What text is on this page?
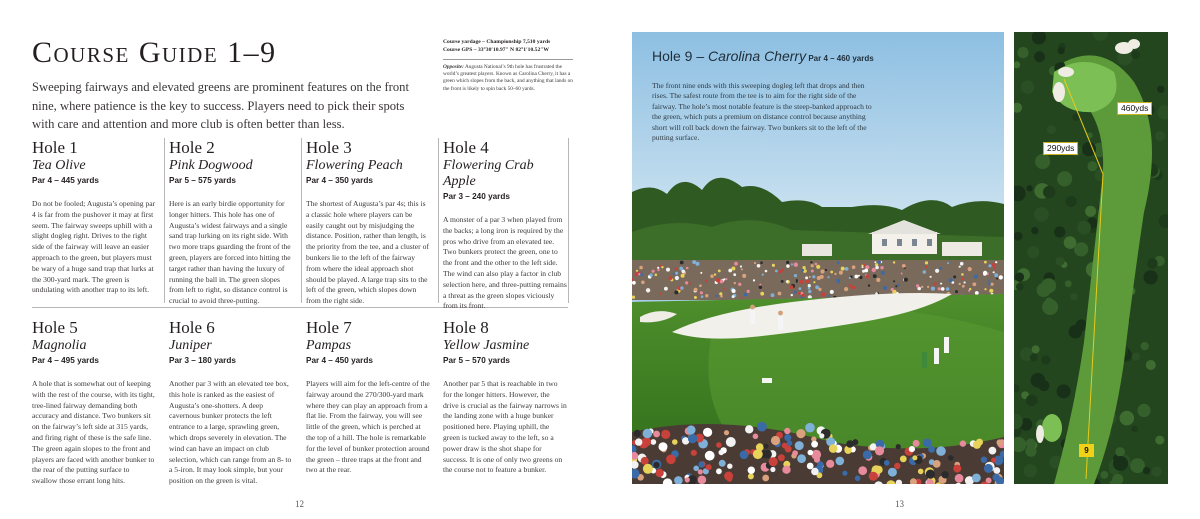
Course Guide 1–9

Sweeping fairways and elevated greens are prominent features on the front nine, where patience is the key to success. Players need to pick their spots with care and attention and more club is often better than less.

Course yardage – Championship 7,510 yards
Course GPS – 33°30′10.97″ N 82°1′10.52″W
Opposite: Augusta National’s 9th hole has frustrated the world’s greatest players. Known as Carolina Cherry, it has a green which slopes from the back, and anything that lands on the front is likely to spin back 50–60 yards.
Hole 1
Tea Olive
Par 4 – 445 yards

Do not be fooled; Augusta’s opening par 4 is far from the pushover it may at first seem. The fairway sweeps uphill with a slight dogleg right. Drives to the right side of the fairway will leave an easier approach to the green, but players must be wary of a huge sand trap that lurks at the 300-yard mark. The green is undulating with another trap to its left.

Hole 2
Pink Dogwood
Par 5 – 575 yards

Here is an early birdie opportunity for longer hitters. This hole has one of Augusta’s widest fairways and a single sand trap lurking on its right side. With two more traps guarding the front of the green, players are forced into hitting the target rather than having the luxury of running the ball in. The green slopes from left to right, so distance control is crucial to avoid three-putting.

Hole 3
Flowering Peach
Par 4 – 350 yards

The shortest of Augusta’s par 4s; this is a classic hole where players can be easily caught out by misjudging the distance. Position, rather than length, is the priority from the tee, and a cluster of bunkers lie to the left of the fairway from where the ideal approach shot should be played. A large trap sits to the left of the green, which slopes down from the right side.

Hole 4
Flowering Crab Apple
Par 3 – 240 yards

A monster of a par 3 when played from the backs; a long iron is required by the pros who drive from an elevated tee. Two bunkers protect the green, one to the front and the other to the left side. The wind can also play a factor in club selection here, and three-putting remains a threat as the green slopes viciously from its front.

Hole 5
Magnolia
Par 4 – 495 yards

A hole that is somewhat out of keeping with the rest of the course, with its tight, tree-lined fairway demanding both accuracy and distance. Two bunkers sit on the fairway’s left side at 315 yards, and firing right of these is the safe line. The green again slopes to the front and players are faced with another bunker to the rear of the putting surface to swallow those errant long hits.

Hole 6
Juniper
Par 3 – 180 yards

Another par 3 with an elevated tee box, this hole is ranked as the easiest of Augusta’s one-shotters. A deep cavernous bunker protects the left entrance to a large, sprawling green, which drops severely in elevation. The wind can have an impact on club selection, which can range from an 8- to a 5-iron. It may look simple, but your position on the green is vital.

Hole 7
Pampas
Par 4 – 450 yards

Players will aim for the left-centre of the fairway around the 270/300-yard mark where they can play an approach from a flat lie. From the fairway, you will see little of the green, which is perched at the top of a hill. The hole is remarkable for the level of bunker protection around the green – three traps at the front and two at the rear.

Hole 8
Yellow Jasmine
Par 5 – 570 yards

Another par 5 that is reachable in two for the longer hitters. However, the drive is crucial as the fairway narrows in the landing zone with a huge bunker positioned here. Playing uphill, the green is tucked away to the left, so a power draw is the shot shape for success. It is one of only two greens on the course not to feature a bunker.

12
Hole 9 – Carolina Cherry Par 4 – 460 yards

The front nine ends with this sweeping dogleg left that drops and then rises. The safest route from the tee is to aim for the right side of the fairway. The hole’s most notable feature is the steep-banked approach to the green, which puts a premium on distance control because anything short will roll back down the fairway. Two bunkers sit to the left of the putting surface.

460yds
290yds
9
13
